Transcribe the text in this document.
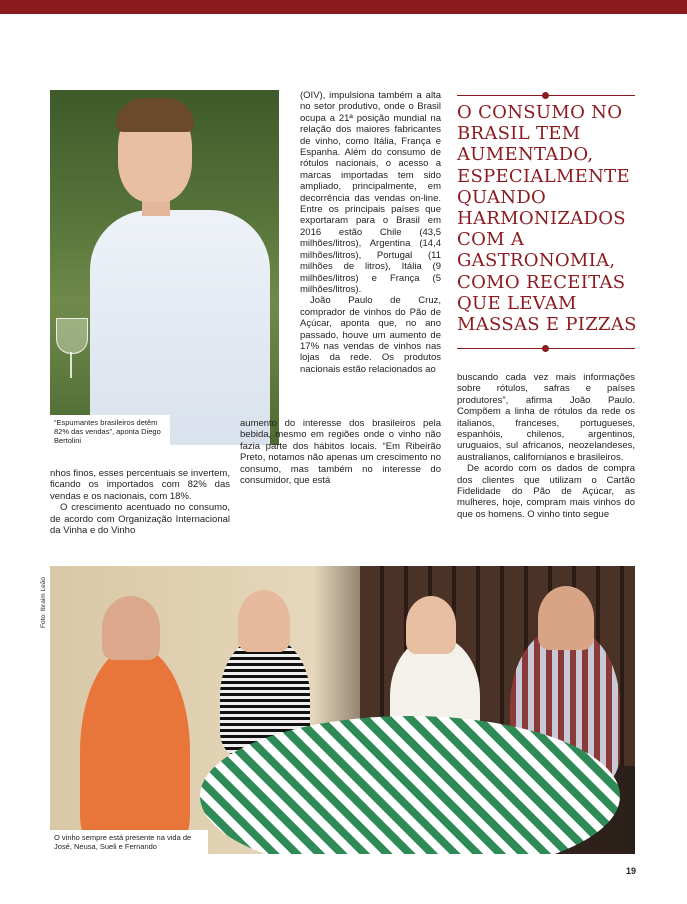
“Espumantes brasileiros detêm 82% das vendas”, aponta Diego Bertolini

(OIV), impulsiona também a alta no setor produtivo, onde o Brasil ocupa a 21ª posição mundial na relação dos maiores fabricantes de vinho, como Itália, França e Espanha. Além do consumo de rótulos nacionais, o acesso a marcas importadas tem sido ampliado, principalmente, em decorrência das vendas on-line. Entre os principais países que exportaram para o Brasil em 2016 estão Chile (43,5 milhões/litros), Argentina (14,4 milhões/litros), Portugal (11 milhões de litros), Itália (9 milhões/litros) e França (5 milhões/litros).

João Paulo de Cruz, comprador de vinhos do Pão de Açúcar, aponta que, no ano passado, houve um aumento de 17% nas vendas de vinhos nas lojas da rede. Os produtos nacionais estão relacionados ao

aumento do interesse dos brasileiros pela bebida, mesmo em regiões onde o vinho não fazia parte dos hábitos locais. “Em Ribeirão Preto, notamos não apenas um crescimento no consumo, mas também no interesse do consumidor, que está

nhos finos, esses percentuais se invertem, ficando os importados com 82% das vendas e os nacionais, com 18%.

O crescimento acentuado no consumo, de acordo com Organização Internacional da Vinha e do Vinho

O CONSUMO NO BRASIL TEM AUMENTADO, ESPECIALMENTE QUANDO HARMONIZADOS COM A GASTRONOMIA, COMO RECEITAS QUE LEVAM MASSAS E PIZZAS

buscando cada vez mais informações sobre rótulos, safras e países produtores”, afirma João Paulo. Compõem a linha de rótulos da rede os italianos, franceses, portugueses, espanhóis, chilenos, argentinos, uruguaios, sul africanos, neozelandeses, australianos, californianos e brasileiros.

De acordo com os dados de compra dos clientes que utilizam o Cartão Fidelidade do Pão de Açúcar, as mulheres, hoje, compram mais vinhos do que os homens. O vinho tinto segue

Foto: Ibraim Leão
O vinho sempre está presente na vida de José, Neusa, Sueli e Fernando
19
